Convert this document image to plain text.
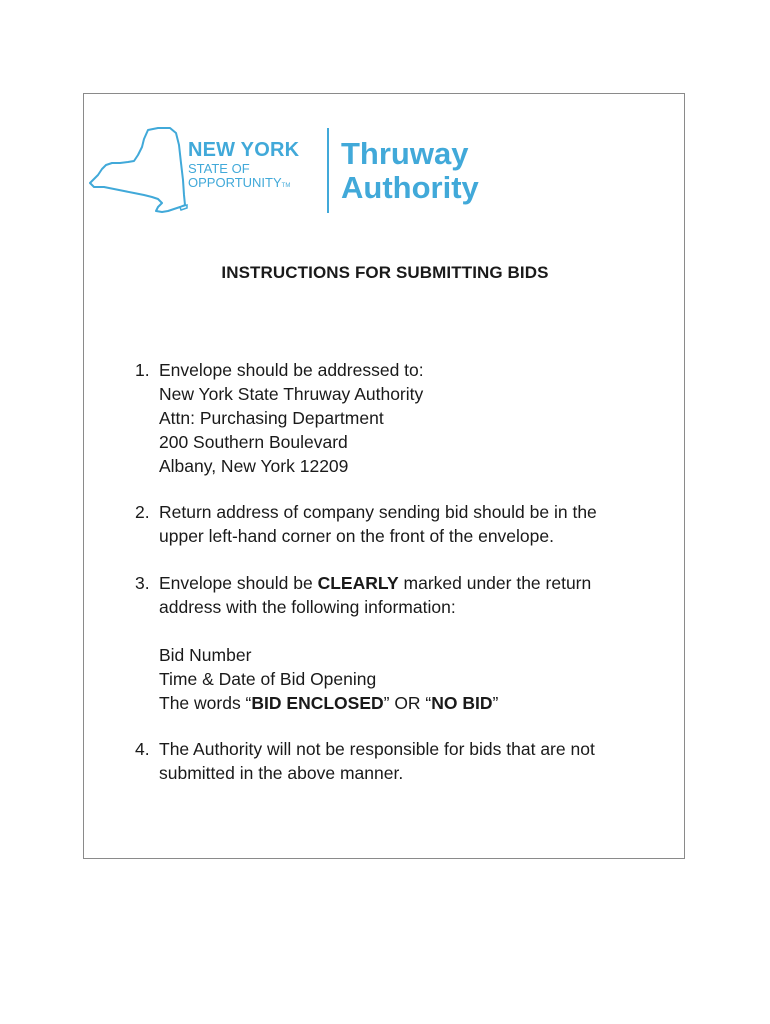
NEW YORK
STATE OF
OPPORTUNITYTM
Thruway
Authority
INSTRUCTIONS FOR SUBMITTING BIDS
1. Envelope should be addressed to:
New York State Thruway Authority
Attn: Purchasing Department
200 Southern Boulevard
Albany, New York 12209
2. Return address of company sending bid should be in the
upper left-hand corner on the front of the envelope.
3. Envelope should be CLEARLY marked under the return
address with the following information:
Bid Number
Time & Date of Bid Opening
The words “BID ENCLOSED” OR “NO BID”
4. The Authority will not be responsible for bids that are not
submitted in the above manner.
